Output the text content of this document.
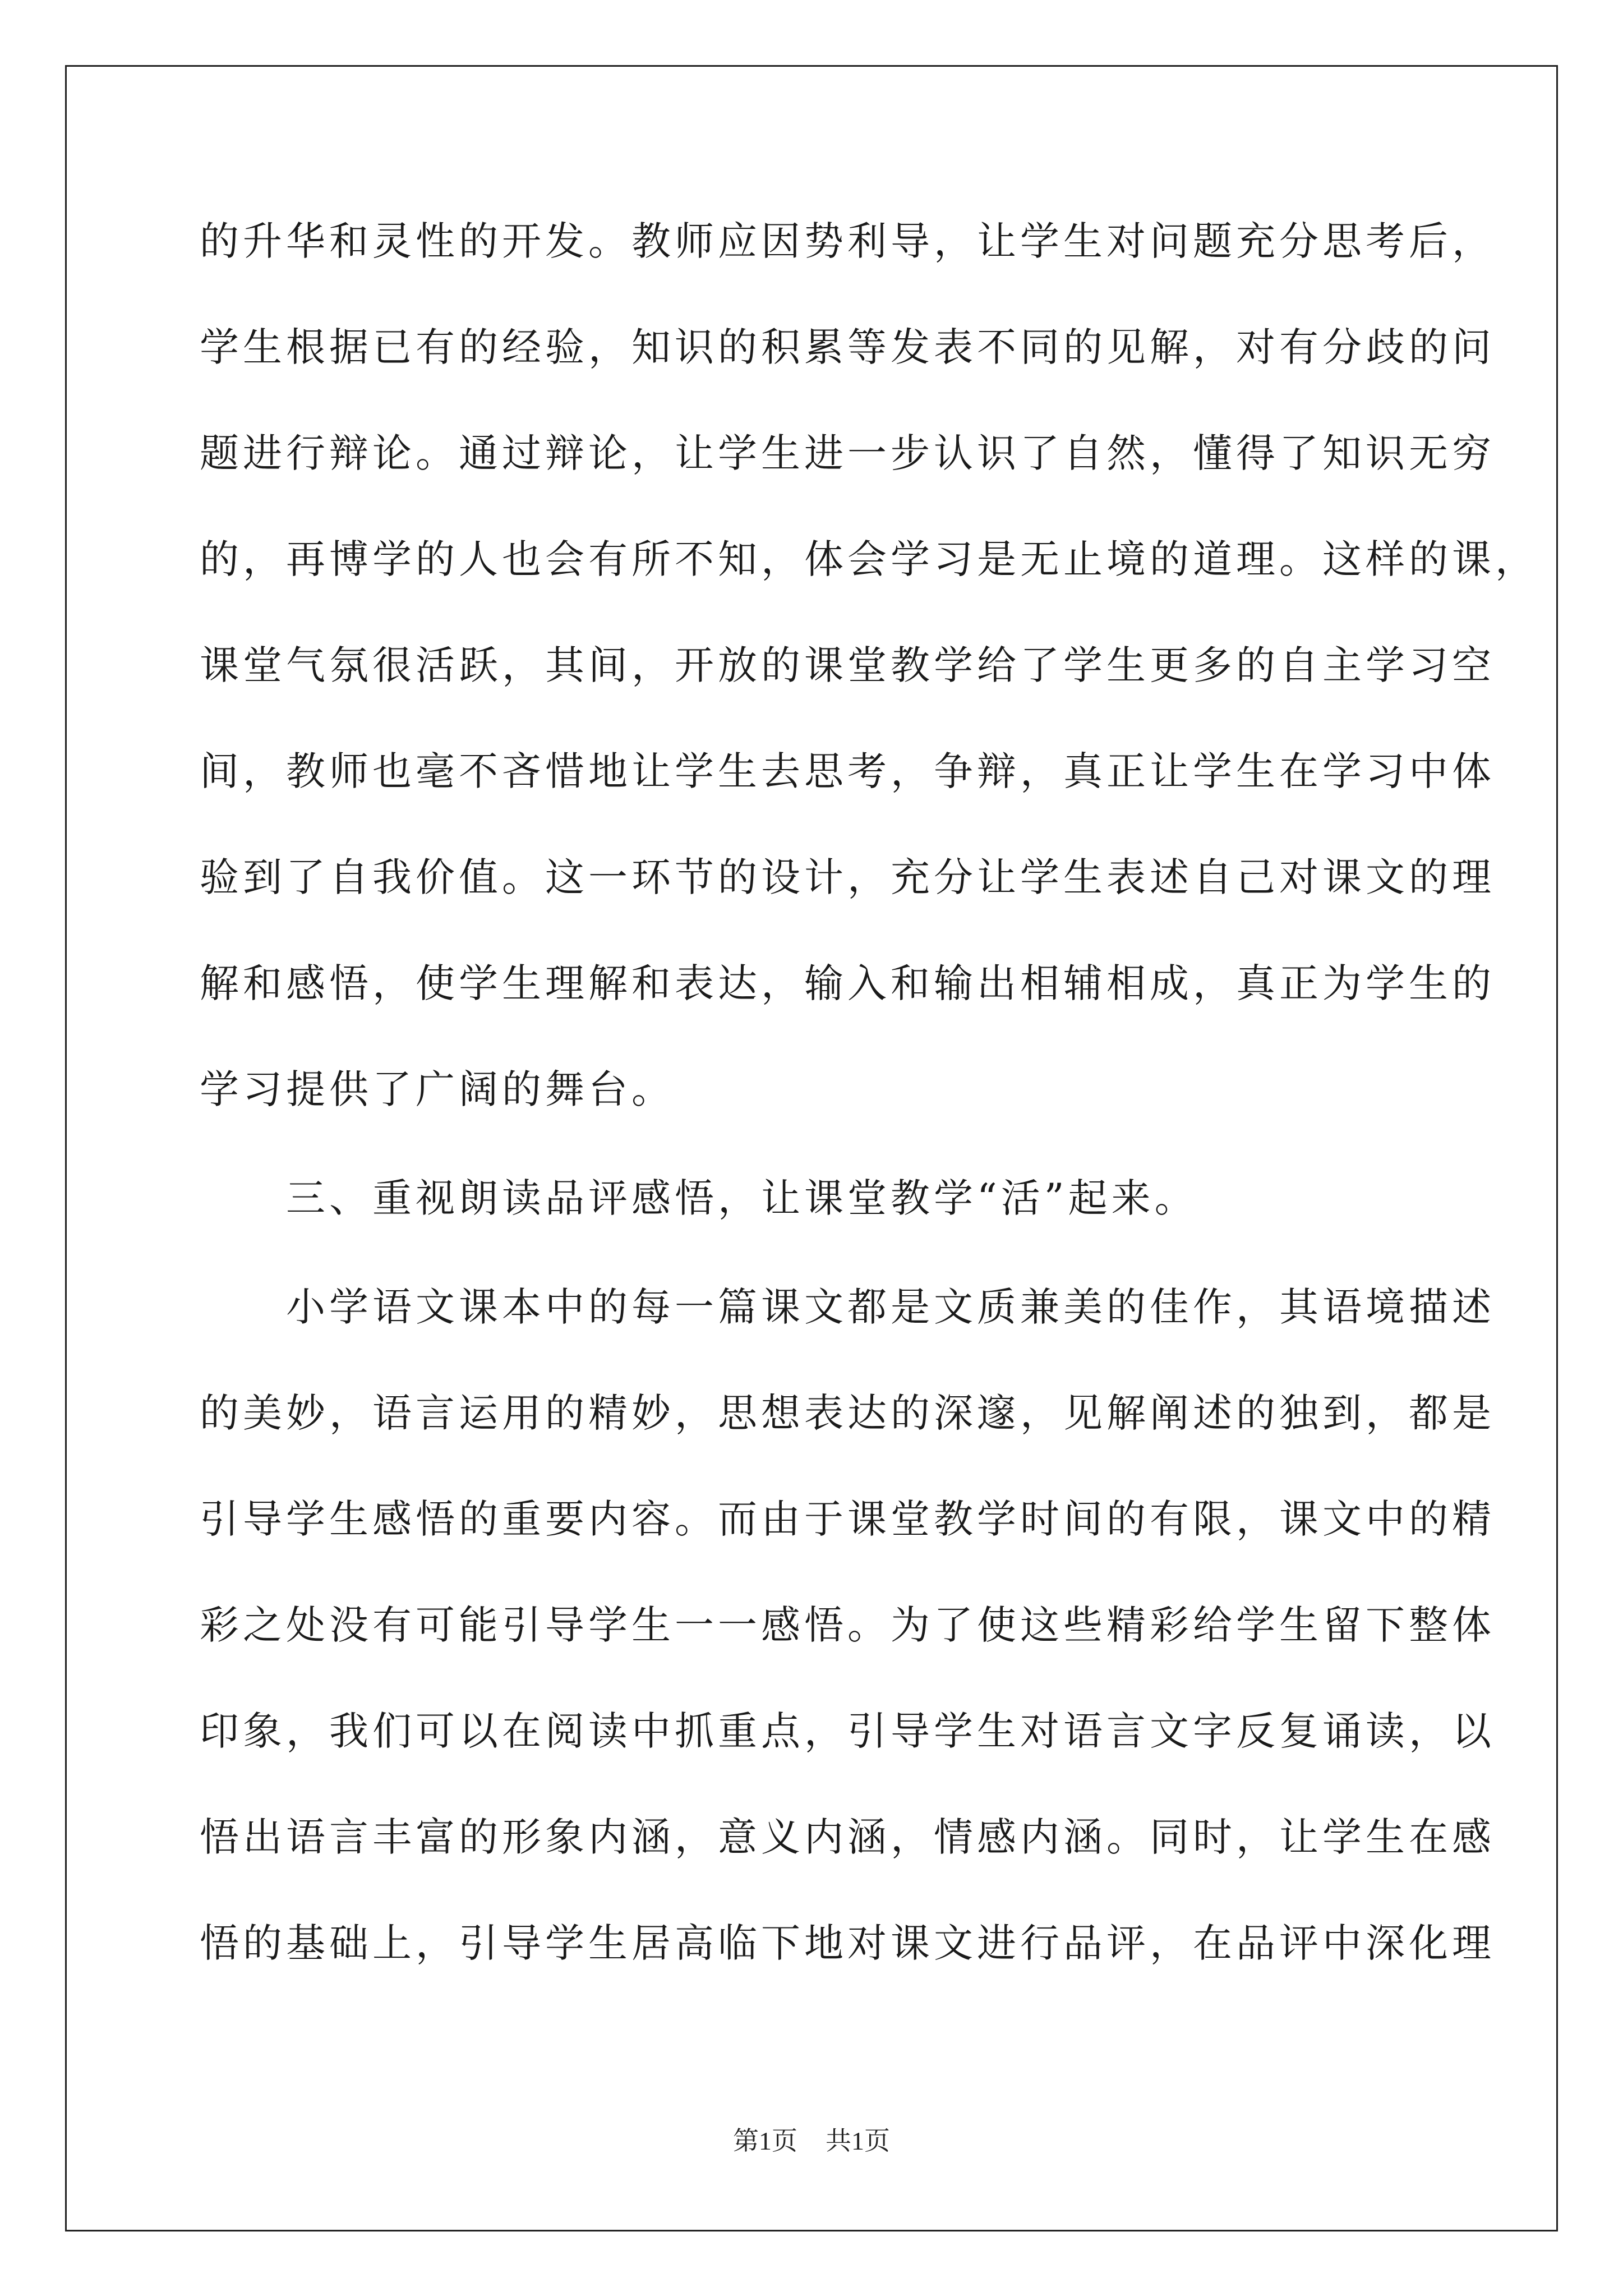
的升华和灵性的开发。教师应因势利导，让学生对问题充分思考后，
学生根据已有的经验，知识的积累等发表不同的见解，对有分歧的问
题进行辩论。通过辩论，让学生进一步认识了自然，懂得了知识无穷
的，再博学的人也会有所不知，体会学习是无止境的道理。这样的课，
课堂气氛很活跃，其间，开放的课堂教学给了学生更多的自主学习空
间，教师也毫不吝惜地让学生去思考，争辩，真正让学生在学习中体
验到了自我价值。这一环节的设计，充分让学生表述自己对课文的理
解和感悟，使学生理解和表达，输入和输出相辅相成，真正为学生的
学习提供了广阔的舞台。
　　三、重视朗读品评感悟，让课堂教学“活”起来。
　　小学语文课本中的每一篇课文都是文质兼美的佳作，其语境描述
的美妙，语言运用的精妙，思想表达的深邃，见解阐述的独到，都是
引导学生感悟的重要内容。而由于课堂教学时间的有限，课文中的精
彩之处没有可能引导学生一一感悟。为了使这些精彩给学生留下整体
印象，我们可以在阅读中抓重点，引导学生对语言文字反复诵读，以
悟出语言丰富的形象内涵，意义内涵，情感内涵。同时，让学生在感
悟的基础上，引导学生居高临下地对课文进行品评，在品评中深化理
第1页 共1页
